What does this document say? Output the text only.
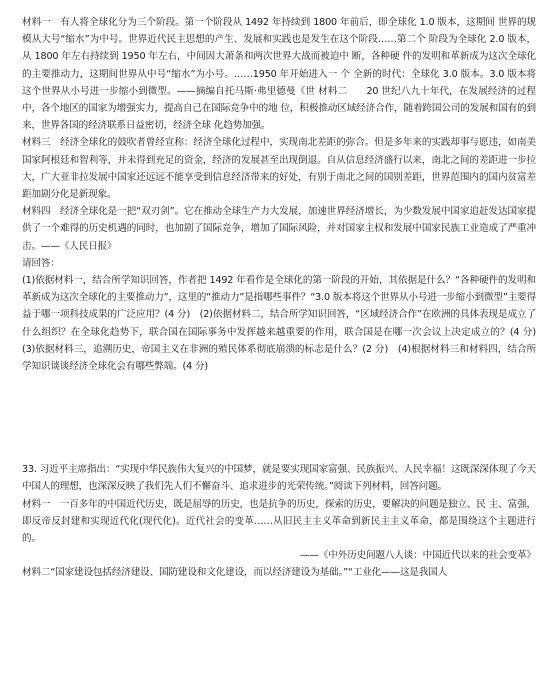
材料一　有人将全球化分为三个阶段。第一个阶段从 1492 年持续到 1800 年前后，即全球化 1.0 版本，这期间 世界的规模从大号“缩水”为中号。世界近代民主思想的产生、发展和实践也是发生在这个阶段……第二个 阶段为全球化 2.0 版本，从 1800 年左右持续到 1950 年左右，中间因大萧条和两次世界大战而被迫中 断，各种硬 件的发明和革新成为这次全球化的主要推动力，这期间世界从中号“缩水”为小号。……1950 年开始进入一 个 全新的时代：全球化 3.0 版本。3.0 版本将这个世界从小号进一步缩小到微型。——摘编自托马斯·弗里德曼《世 材料二　　20 世纪八九十年代，在发展经济的过程中，各个地区的国家为增强实力，提高自己在国际竞争中的地 位，积极推动区域经济合作，随着跨国公司的发展和国有的到来，世界各国的经济联系日益密切，经济全球 化趋势加强。

材料三　经济全球化的鼓吹者曾经宣称：经济全球化过程中，实现南北差距的弥合。但是多年来的实践却事与愿违，如南美国家阿根廷和智利等，并未得到充足的资金，经济的发展甚至出现倒退。自从信息经济盛行以来，南北之间的差距进一步拉大，广大亚非拉发展中国家还远远不能享受到信息经济带来的好处，有别于南北之间的国别差距，世界范围内的国内贫富差距加剧分化是新现象。

材料四　经济全球化是一把“双刃剑”。它在推动全球生产力大发展，加速世界经济增长，为少数发展中国家追赶发达国家提供了一个难得的历史机遇的同时，也加剧了国际竞争，增加了国际风险，并对国家主权和发展中国家民族工业造成了严重冲击。——《人民日报》

请回答：

(1)依据材料一，结合所学知识回答，作者把 1492 年看作是全球化的第一阶段的开始，其依据是什么？“各种硬件的发明和革新成为这次全球化的主要推动力”，这里的“推动力”是指哪些事件？“3.0 版本将这个世界从小号进一步缩小到微型”主要得益于哪一项科技成果的广泛应用？(4 分)　(2)依据材料二，结合所学知识回答，“区域经济合作”在欧洲的具体表现是成立了什么组织？在全球化趋势下，联合国在国际事务中发挥越来越重要的作用，联合国是在哪一次会议上决定成立的？(4 分)　(3)依据材料三，追溯历史，帝国主义在非洲的殖民体系彻底崩溃的标志是什么？(2 分)　(4)根据材料三和材料四，结合所学知识谈谈经济全球化会有哪些弊端。(4 分)

33. 习近平主席指出：“实现中华民族伟大复兴的中国梦，就是要实现国家富强、民族振兴、人民幸福！这既深深体现了今天中国人的理想，也深深反映了我们先人们不懈奋斗、追求进步的光荣传统。”阅读下列材料，回答问题。

材料一　一百多年的中国近代历史，既是屈辱的历史，也是抗争的历史，探索的历史，要解决的问题是独立、民 主、富强，即反帝反封建和实现近代化(现代化)。近代社会的变革……从旧民主主义革命到新民主主义革命，都是围绕这个主题进行的。

——《中外历史问题八人谈：中国近代以来的社会变革》

材料二“国家建设包括经济建设、国防建设和文化建设，而以经济建设为基础。”“工业化——这是我国人
